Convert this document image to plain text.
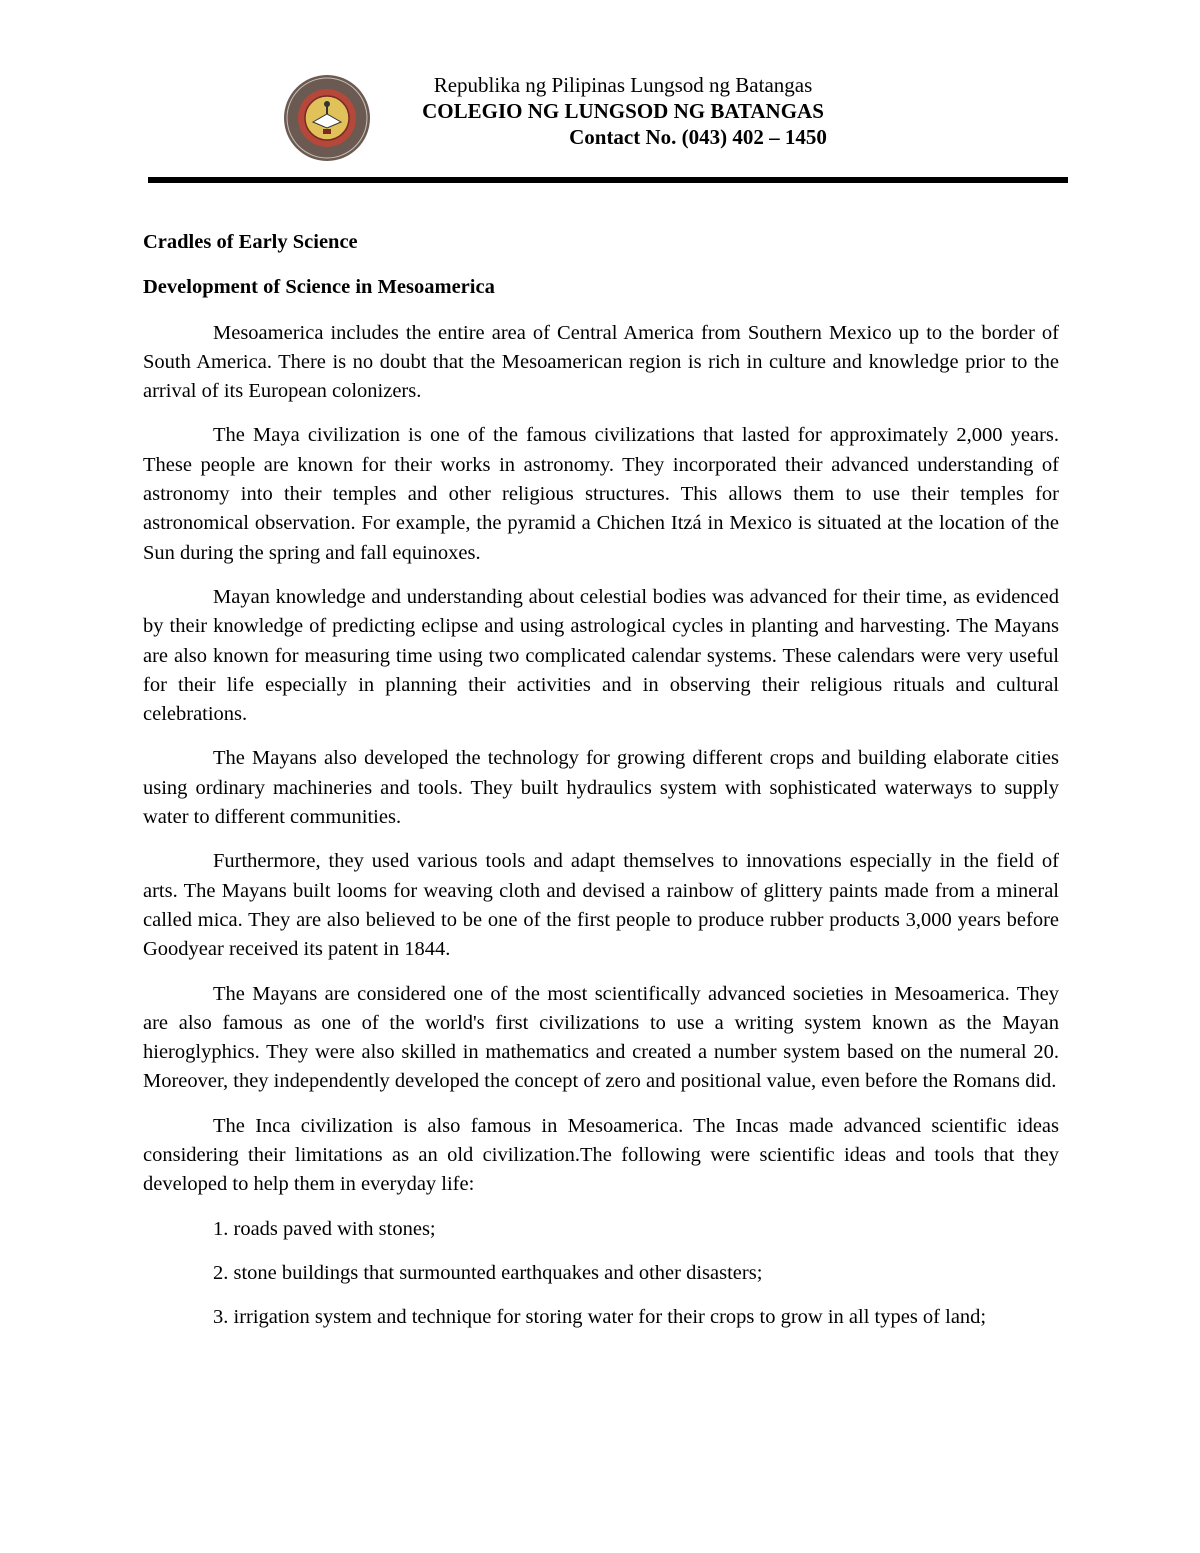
Republika ng Pilipinas Lungsod ng Batangas
COLEGIO NG LUNGSOD NG BATANGAS
Contact No. (043) 402 – 1450

Cradles of Early Science

Development of Science in Mesoamerica

Mesoamerica includes the entire area of Central America from Southern Mexico up to the border of South America. There is no doubt that the Mesoamerican region is rich in culture and knowledge prior to the arrival of its European colonizers.

The Maya civilization is one of the famous civilizations that lasted for approximately 2,000 years. These people are known for their works in astronomy. They incorporated their advanced understanding of astronomy into their temples and other religious structures. This allows them to use their temples for astronomical observation. For example, the pyramid a Chichen Itzá in Mexico is situated at the location of the Sun during the spring and fall equinoxes.

Mayan knowledge and understanding about celestial bodies was advanced for their time, as evidenced by their knowledge of predicting eclipse and using astrological cycles in planting and harvesting. The Mayans are also known for measuring time using two complicated calendar systems. These calendars were very useful for their life especially in planning their activities and in observing their religious rituals and cultural celebrations.

The Mayans also developed the technology for growing different crops and building elaborate cities using ordinary machineries and tools. They built hydraulics system with sophisticated waterways to supply water to different communities.

Furthermore, they used various tools and adapt themselves to innovations especially in the field of arts. The Mayans built looms for weaving cloth and devised a rainbow of glittery paints made from a mineral called mica. They are also believed to be one of the first people to produce rubber products 3,000 years before Goodyear received its patent in 1844.

The Mayans are considered one of the most scientifically advanced societies in Mesoamerica. They are also famous as one of the world's first civilizations to use a writing system known as the Mayan hieroglyphics. They were also skilled in mathematics and created a number system based on the numeral 20. Moreover, they independently developed the concept of zero and positional value, even before the Romans did.

The Inca civilization is also famous in Mesoamerica. The Incas made advanced scientific ideas considering their limitations as an old civilization.The following were scientific ideas and tools that they developed to help them in everyday life:

1. roads paved with stones;

2. stone buildings that surmounted earthquakes and other disasters;

3. irrigation system and technique for storing water for their crops to grow in all types of land;
